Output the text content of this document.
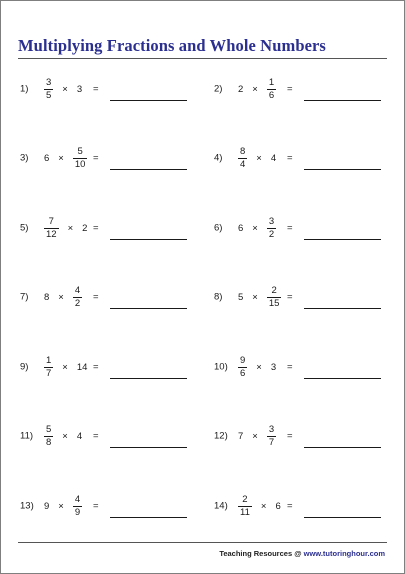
Multiplying Fractions and Whole Numbers
$1) \frac{3}{5} \times 3$ =	2) $2 \times \frac{1}{6}$ =
3) $6 \times \frac{5}{10}$ =	$4) \frac{8}{4} \times 4$ =
$5) \frac{7}{12} \times 2$ =	6) $6 \times \frac{3}{2}$ =
7) $8 \times \frac{4}{2}$ =	8) $5 \times \frac{2}{15}$ =
$9) \frac{1}{7} \times 14$ =	$10) \frac{9}{6} \times 3$ =
$11) \frac{5}{8} \times 4$ =	12) $7 \times \frac{3}{7}$ =
13) $9 \times \frac{4}{9}$ =	$14) \frac{2}{11} \times 6$ =
Teaching Resources @ www.tutoringhour.com
